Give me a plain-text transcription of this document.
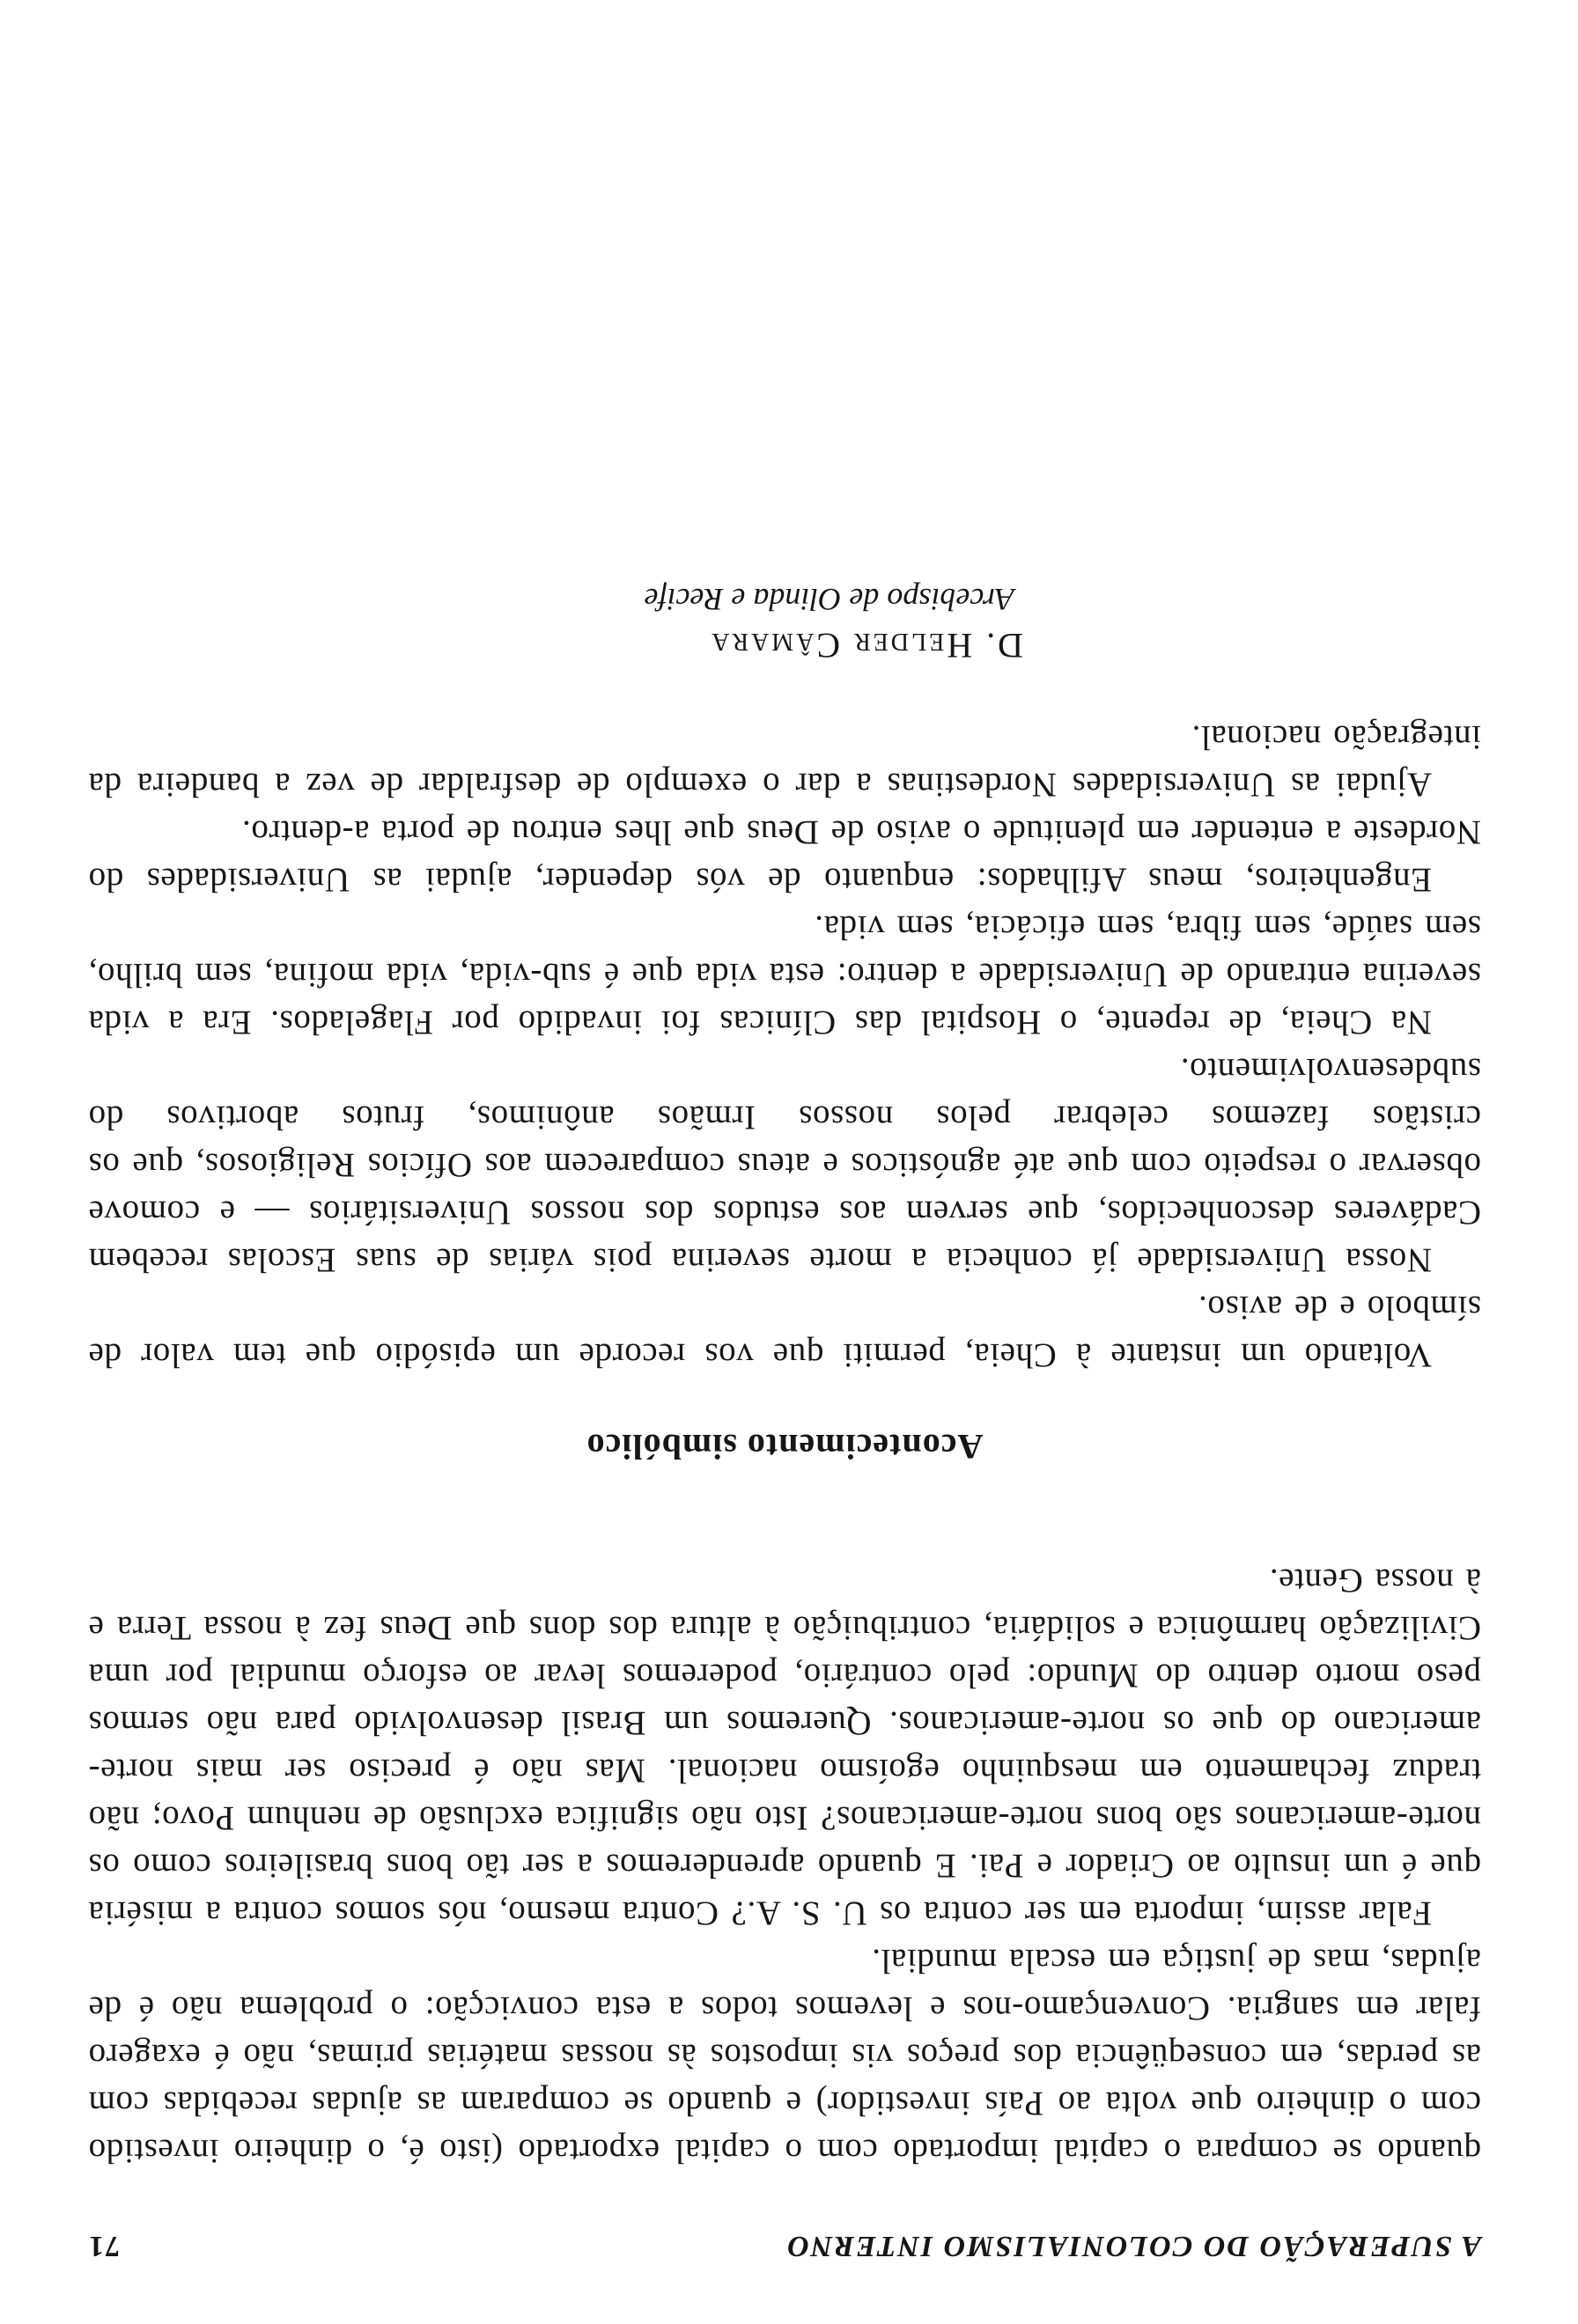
A SUPERAÇÃO DO COLONIALISMO INTERNO
71

quando se compara o capital importado com o capital exportado (isto é, o dinheiro investido com o dinheiro que volta ao País investidor) e quando se comparam as ajudas recebidas com as perdas, em conseqüência dos preços vis impostos às nossas matérias primas, não é exagero falar em sangria. Convençamo-nos e levemos todos a esta convicção: o problema não é de ajudas, mas de justiça em escala mundial.

Falar assim, importa em ser contra os U. S. A.? Contra mesmo, nós somos contra a miséria que é um insulto ao Criador e Pai. E quando aprenderemos a ser tão bons brasileiros como os norte-americanos são bons norte-americanos? Isto não significa exclusão de nenhum Povo; não traduz fechamento em mesquinho egoísmo nacional. Mas não é preciso ser mais norte-americano do que os norte-americanos. Queremos um Brasil desenvolvido para não sermos peso morto dentro do Mundo: pelo contrário, poderemos levar ao esforço mundial por uma Civilização harmônica e solidária, contribuição à altura dos dons que Deus fez à nossa Terra e à nossa Gente.

Acontecimento simbólico

Voltando um instante à Cheia, permiti que vos recorde um episódio que tem valor de símbolo e de aviso.

Nossa Universidade já conhecia a morte severina pois várias de suas Escolas recebem Cadáveres desconhecidos, que servem aos estudos dos nossos Universitários — e comove observar o respeito com que até agnósticos e ateus comparecem aos Ofícios Religiosos, que os cristãos fazemos celebrar pelos nossos Irmãos anônimos, frutos abortivos do subdesenvolvimento.

Na Cheia, de repente, o Hospital das Clínicas foi invadido por Flagelados. Era a vida severina entrando de Universidade a dentro: esta vida que é sub-vida, vida mofina, sem brilho, sem saúde, sem fibra, sem eficácia, sem vida.

Engenheiros, meus Afilhados: enquanto de vós depender, ajudai as Universidades do Nordeste a entender em plenitude o aviso de Deus que lhes entrou de porta a-dentro.

Ajudai as Universidades Nordestinas a dar o exemplo de desfraldar de vez a bandeira da integração nacional.

D. Helder Câmara
Arcebispo de Olinda e Recife
